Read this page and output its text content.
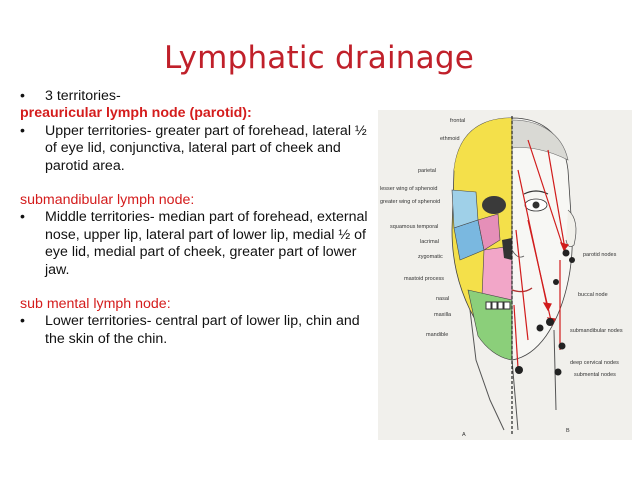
Lymphatic drainage
•	3 territories-
preauricular lymph node (parotid):
•	Upper territories- greater part of forehead, lateral ½ of eye lid, conjunctiva, lateral part of cheek and parotid area.
submandibular lymph node:
•	Middle territories- median part of forehead, external nose, upper lip, lateral part of lower lip, medial ½ of eye lid, medial part of cheek, greater part of lower jaw.
sub mental lymph node:
•	Lower territories- central part of lower lip, chin and the skin of the chin.
frontal
ethmoid
parietal
lesser wing of sphenoid
greater wing of sphenoid
squamous temporal
lacrimal
zygomatic
mastoid process
nasal
maxilla
mandible
parotid nodes
buccal node
submandibular nodes
deep cervical nodes
submental nodes
A
B
